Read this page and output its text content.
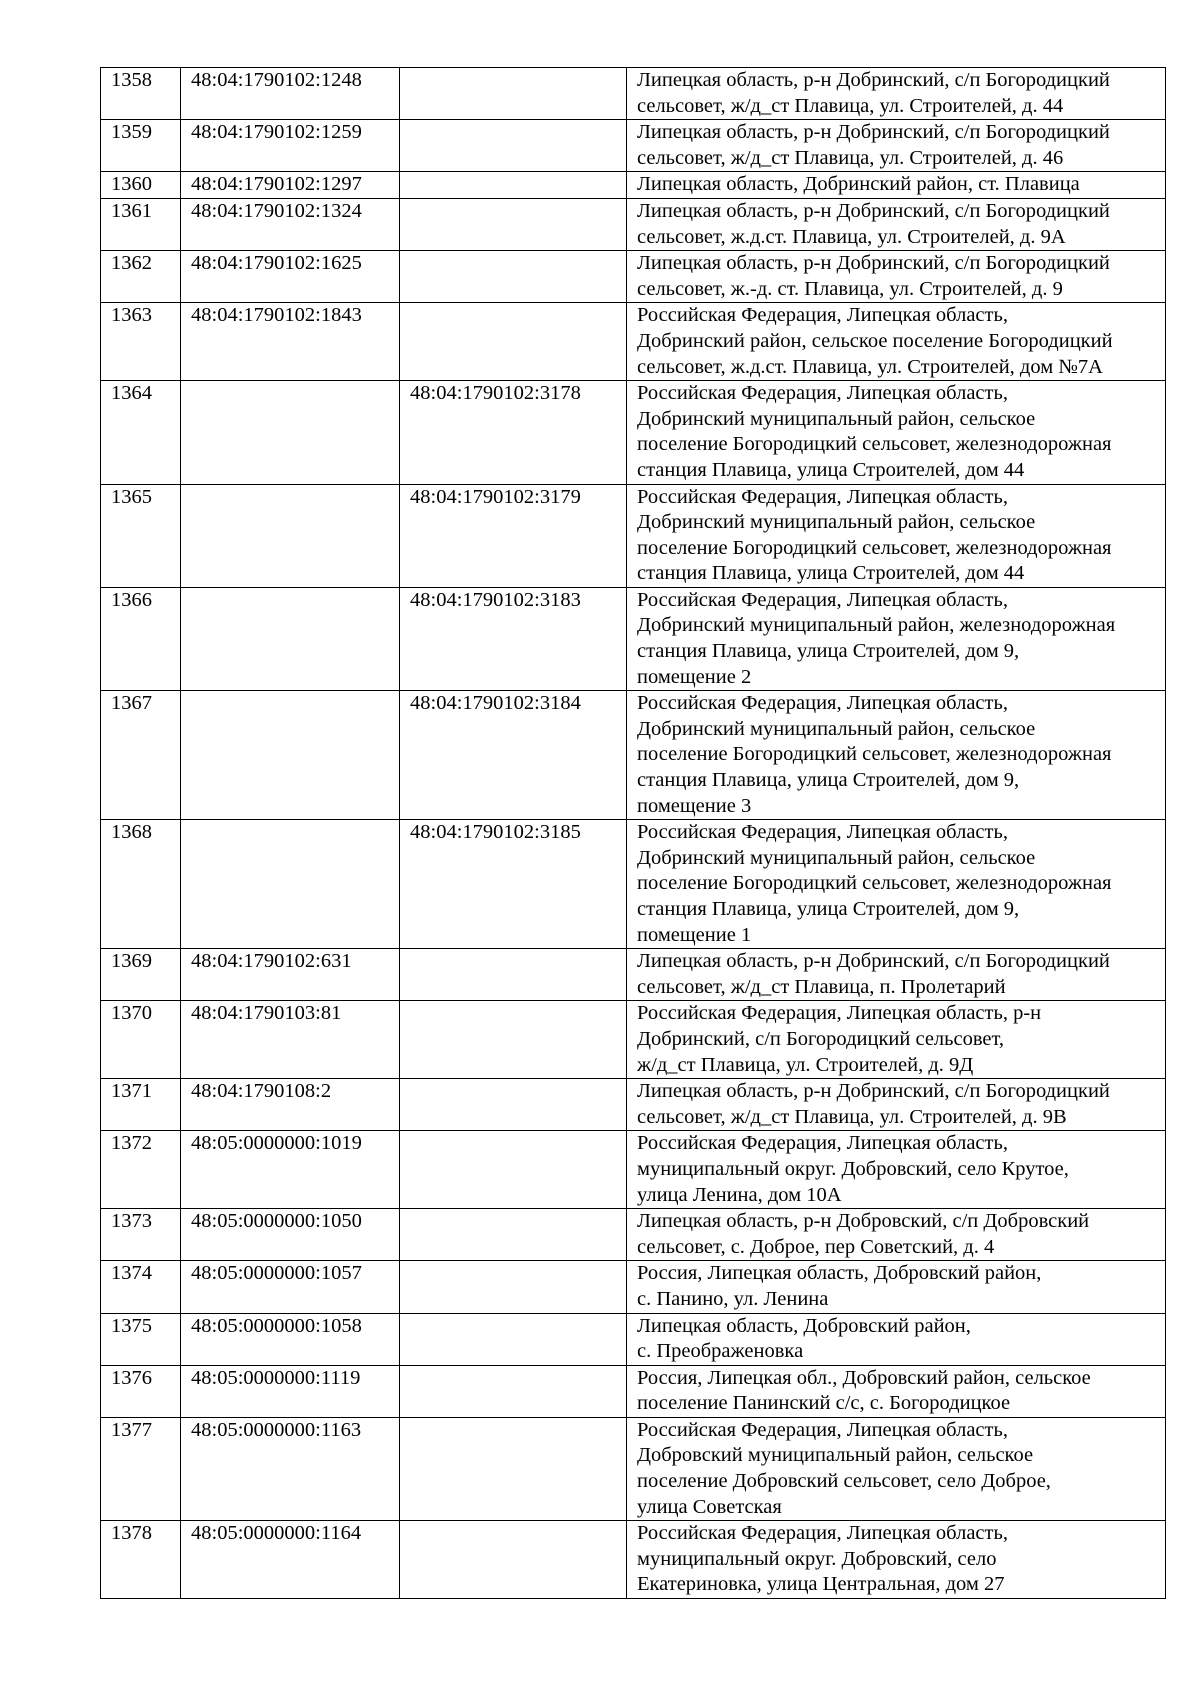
1358	48:04:1790102:1248		Липецкая область, р-н Добринский, с/п Богородицкий
сельсовет, ж/д_ст Плавица, ул. Строителей, д. 44

1359	48:04:1790102:1259		Липецкая область, р-н Добринский, с/п Богородицкий
сельсовет, ж/д_ст Плавица, ул. Строителей, д. 46

1360	48:04:1790102:1297		Липецкая область, Добринский район, ст. Плавица

1361	48:04:1790102:1324		Липецкая область, р-н Добринский, с/п Богородицкий
сельсовет, ж.д.ст. Плавица, ул. Строителей, д. 9А

1362	48:04:1790102:1625		Липецкая область, р-н Добринский, с/п Богородицкий
сельсовет, ж.-д. ст. Плавица, ул. Строителей, д. 9

1363	48:04:1790102:1843		Российская Федерация, Липецкая область,
Добринский район, сельское поселение Богородицкий
сельсовет, ж.д.ст. Плавица, ул. Строителей, дом №7А

1364		48:04:1790102:3178	Российская Федерация, Липецкая область,
Добринский муниципальный район, сельское
поселение Богородицкий сельсовет, железнодорожная
станция Плавица, улица Строителей, дом 44

1365		48:04:1790102:3179	Российская Федерация, Липецкая область,
Добринский муниципальный район, сельское
поселение Богородицкий сельсовет, железнодорожная
станция Плавица, улица Строителей, дом 44

1366		48:04:1790102:3183	Российская Федерация, Липецкая область,
Добринский муниципальный район, железнодорожная
станция Плавица, улица Строителей, дом 9,
помещение 2

1367		48:04:1790102:3184	Российская Федерация, Липецкая область,
Добринский муниципальный район, сельское
поселение Богородицкий сельсовет, железнодорожная
станция Плавица, улица Строителей, дом 9,
помещение 3

1368		48:04:1790102:3185	Российская Федерация, Липецкая область,
Добринский муниципальный район, сельское
поселение Богородицкий сельсовет, железнодорожная
станция Плавица, улица Строителей, дом 9,
помещение 1

1369	48:04:1790102:631		Липецкая область, р-н Добринский, с/п Богородицкий
сельсовет, ж/д_ст Плавица, п. Пролетарий

1370	48:04:1790103:81		Российская Федерация, Липецкая область, р-н
Добринский, с/п Богородицкий сельсовет,
ж/д_ст Плавица, ул. Строителей, д. 9Д

1371	48:04:1790108:2		Липецкая область, р-н Добринский, с/п Богородицкий
сельсовет, ж/д_ст Плавица, ул. Строителей, д. 9В

1372	48:05:0000000:1019		Российская Федерация, Липецкая область,
муниципальный округ. Добровский, село Крутое,
улица Ленина, дом 10А

1373	48:05:0000000:1050		Липецкая область, р-н Добровский, с/п Добровский
сельсовет, с. Доброе, пер Советский, д. 4

1374	48:05:0000000:1057		Россия, Липецкая область, Добровский район,
с. Панино, ул. Ленина

1375	48:05:0000000:1058		Липецкая область, Добровский район,
с. Преображеновка

1376	48:05:0000000:1119		Россия, Липецкая обл., Добровский район, сельское
поселение Панинский с/с, с. Богородицкое

1377	48:05:0000000:1163		Российская Федерация, Липецкая область,
Добровский муниципальный район, сельское
поселение Добровский сельсовет, село Доброе,
улица Советская

1378	48:05:0000000:1164		Российская Федерация, Липецкая область,
муниципальный округ. Добровский, село
Екатериновка, улица Центральная, дом 27
